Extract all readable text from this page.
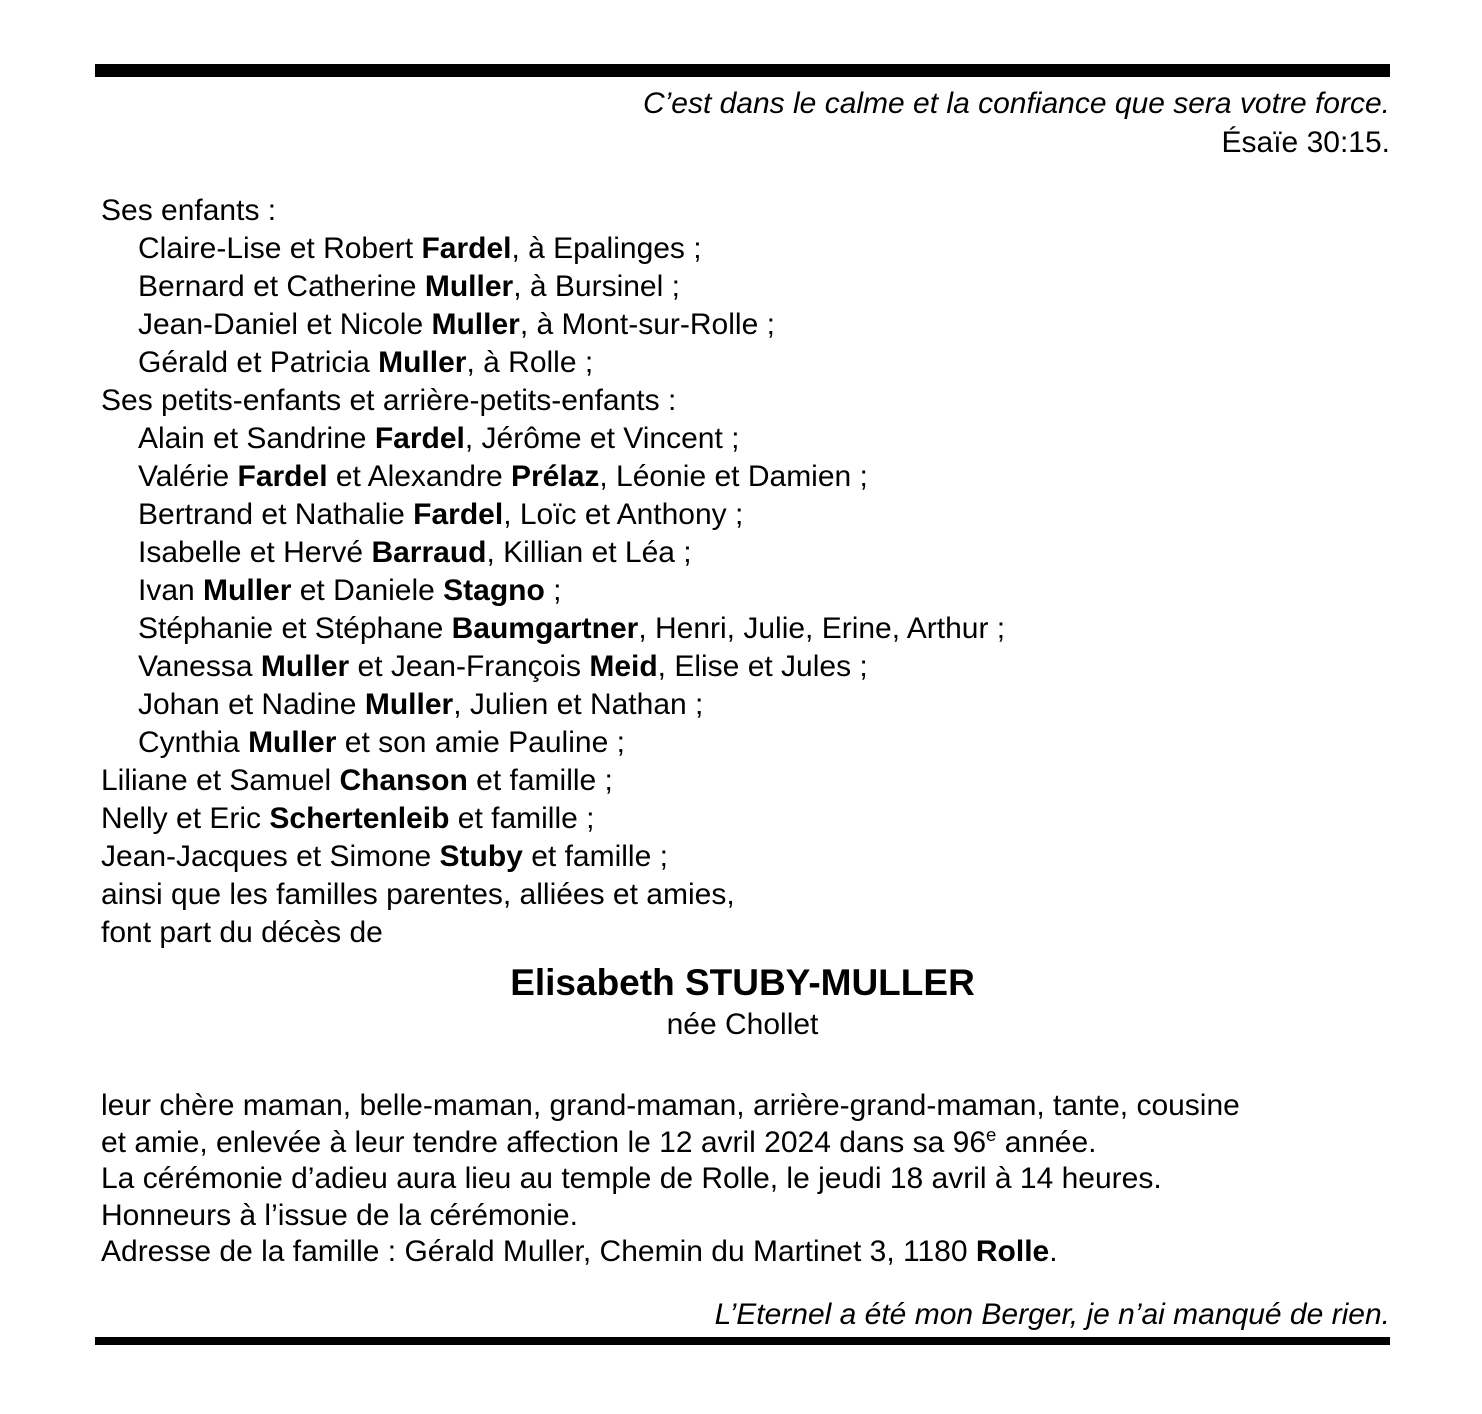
C’est dans le calme et la confiance que sera votre force.
Ésaïe 30:15.
Ses enfants :
Claire-Lise et Robert Fardel, à Epalinges ;
Bernard et Catherine Muller, à Bursinel ;
Jean-Daniel et Nicole Muller, à Mont-sur-Rolle ;
Gérald et Patricia Muller, à Rolle ;
Ses petits-enfants et arrière-petits-enfants :
Alain et Sandrine Fardel, Jérôme et Vincent ;
Valérie Fardel et Alexandre Prélaz, Léonie et Damien ;
Bertrand et Nathalie Fardel, Loïc et Anthony ;
Isabelle et Hervé Barraud, Killian et Léa ;
Ivan Muller et Daniele Stagno ;
Stéphanie et Stéphane Baumgartner, Henri, Julie, Erine, Arthur ;
Vanessa Muller et Jean-François Meid, Elise et Jules ;
Johan et Nadine Muller, Julien et Nathan ;
Cynthia Muller et son amie Pauline ;
Liliane et Samuel Chanson et famille ;
Nelly et Eric Schertenleib et famille ;
Jean-Jacques et Simone Stuby et famille ;
ainsi que les familles parentes, alliées et amies,
font part du décès de
Elisabeth STUBY-MULLER
née Chollet
leur chère maman, belle-maman, grand-maman, arrière-grand-maman, tante, cousine
et amie, enlevée à leur tendre affection le 12 avril 2024 dans sa 96e année.
La cérémonie d’adieu aura lieu au temple de Rolle, le jeudi 18 avril à 14 heures.
Honneurs à l’issue de la cérémonie.
Adresse de la famille : Gérald Muller, Chemin du Martinet 3, 1180 Rolle.
L’Eternel a été mon Berger, je n’ai manqué de rien.
